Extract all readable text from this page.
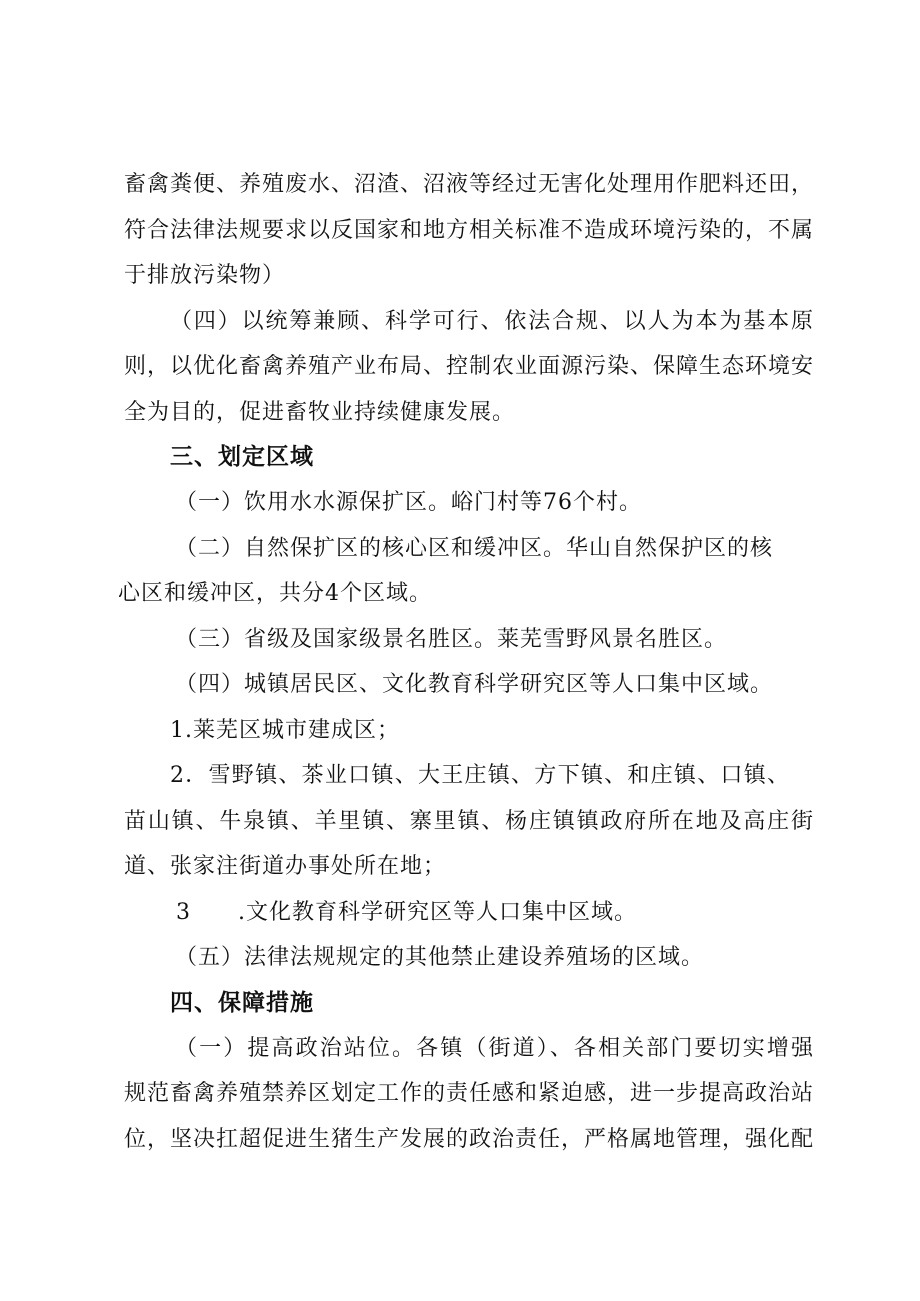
畜禽粪便、养殖废水、沼渣、沼液等经过无害化处理用作肥料还田，
符合法律法规要求以反国家和地方相关标准不造成环境污染的，不属
于排放污染物）
（四）以统筹兼顾、科学可行、依法合规、以人为本为基本原
则，以优化畜禽养殖产业布局、控制农业面源污染、保障生态环境安
全为目的，促进畜牧业持续健康发展。
三、划定区域
（一）饮用水水源保扩区。峪门村等76个村。
（二）自然保扩区的核心区和缓冲区。华山自然保护区的核
心区和缓冲区，共分4个区域。
（三）省级及国家级景名胜区。莱芜雪野风景名胜区。
（四）城镇居民区、文化教育科学研究区等人口集中区域。
1.莱芜区城市建成区；
2．雪野镇、茶业口镇、大王庄镇、方下镇、和庄镇、口镇、
苗山镇、牛泉镇、羊里镇、寨里镇、杨庄镇镇政府所在地及高庄街
道、张家注街道办事处所在地；
3 .文化教育科学研究区等人口集中区域。
（五）法律法规规定的其他禁止建设养殖场的区域。
四、保障措施
（一）提高政治站位。各镇（街道）、各相关部门要切实增强
规范畜禽养殖禁养区划定工作的责任感和紧迫感，进一步提高政治站
位，坚决扛超促进生猪生产发展的政治责任，严格属地管理，强化配
